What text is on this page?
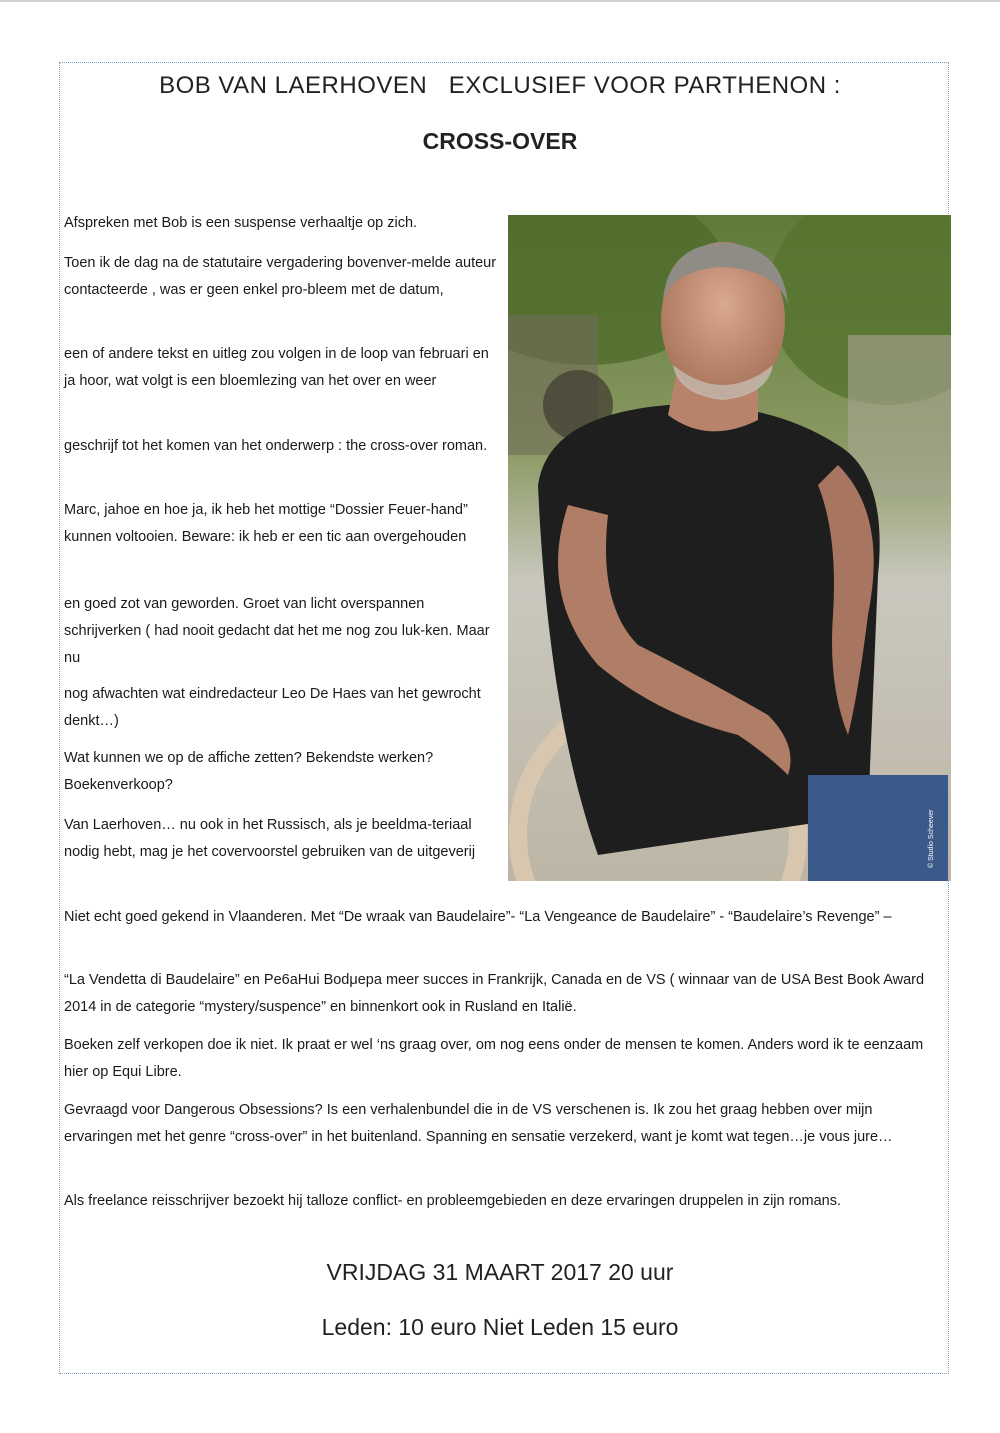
BOB VAN LAERHOVEN   EXCLUSIEF VOOR PARTHENON :
CROSS-OVER

Afspreken met Bob is een suspense verhaaltje op zich.

Toen ik de dag na de statutaire vergadering bovenver-melde auteur contacteerde , was er geen enkel pro-bleem met de datum,

een of andere tekst en uitleg zou volgen in de loop van februari en ja hoor, wat volgt is een bloemlezing van het over en weer

geschrijf tot het komen van het onderwerp : the cross-over roman.

Marc, jahoe en hoe ja, ik heb het mottige “Dossier Feuer-hand” kunnen voltooien. Beware: ik heb er een tic aan overgehouden

en goed zot van geworden. Groet van licht overspannen schrijverken ( had nooit gedacht dat het me nog zou luk-ken. Maar nu

nog afwachten wat eindredacteur Leo De Haes van het gewrocht denkt…)

Wat kunnen we op de affiche zetten? Bekendste werken? Boekenverkoop?

Van Laerhoven… nu ook in het Russisch, als je beeldma-teriaal nodig hebt, mag je het covervoorstel gebruiken van de uitgeverij

Niet echt goed gekend in Vlaanderen. Met “De wraak van Baudelaire”- “La Vengeance de Baudelaire” - “Baudelaire’s Revenge” –

“La Vendetta di Baudelaire” en Pe6aHui Bodμepa meer succes in Frankrijk, Canada en de VS ( winnaar van de USA Best Book Award 2014 in de categorie “mystery/suspence” en binnenkort ook in Rusland en Italië.

Boeken zelf verkopen doe ik niet. Ik praat er wel ‘ns graag over, om nog eens onder de mensen te komen. Anders word ik te eenzaam hier op Equi Libre.

Gevraagd voor Dangerous Obsessions? Is een verhalenbundel die in de VS verschenen is. Ik zou het graag hebben over mijn ervaringen met het genre “cross-over” in het buitenland. Spanning en sensatie verzekerd, want je komt wat tegen…je vous jure…

Als freelance reisschrijver bezoekt hij talloze conflict- en probleemgebieden en deze ervaringen druppelen in zijn romans.

© Studio Scheever
VRIJDAG 31 MAART 2017 20 uur
Leden: 10 euro Niet Leden 15 euro
